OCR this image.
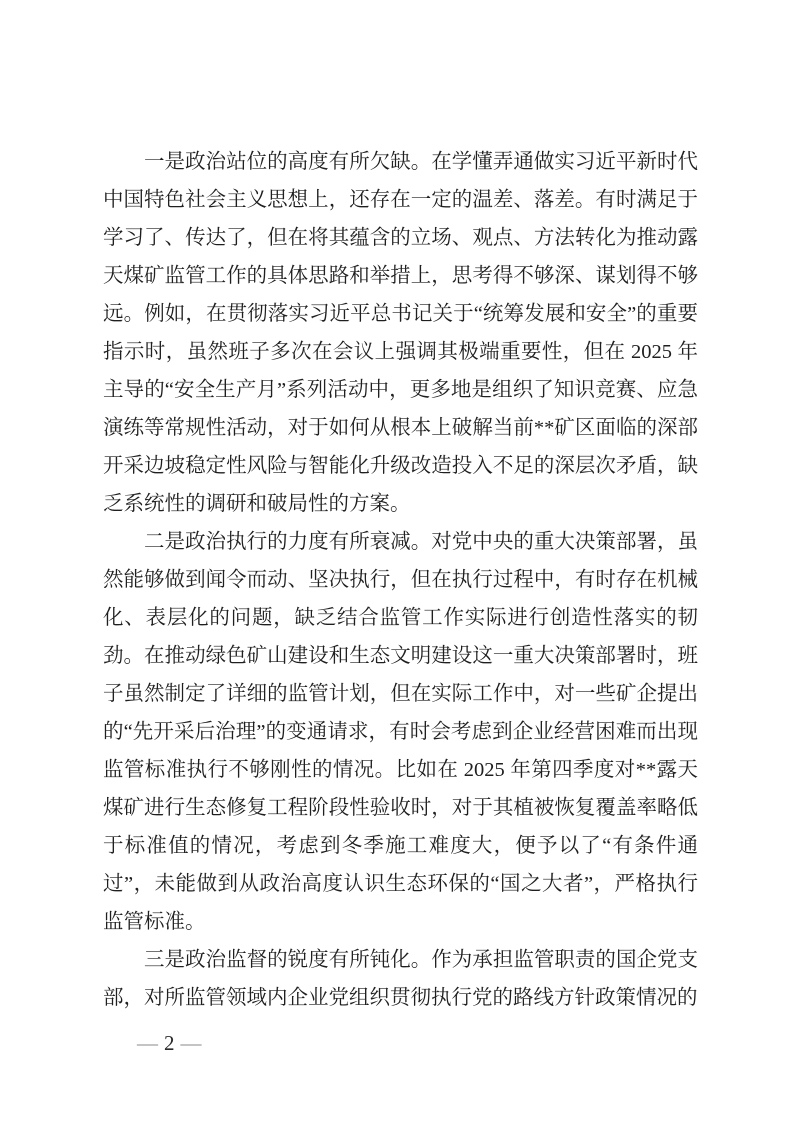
一是政治站位的高度有所欠缺。在学懂弄通做实习近平新时代中国特色社会主义思想上，还存在一定的温差、落差。有时满足于学习了、传达了，但在将其蕴含的立场、观点、方法转化为推动露天煤矿监管工作的具体思路和举措上，思考得不够深、谋划得不够远。例如，在贯彻落实习近平总书记关于“统筹发展和安全”的重要指示时，虽然班子多次在会议上强调其极端重要性，但在 2025 年主导的“安全生产月”系列活动中，更多地是组织了知识竞赛、应急演练等常规性活动，对于如何从根本上破解当前**矿区面临的深部开采边坡稳定性风险与智能化升级改造投入不足的深层次矛盾，缺乏系统性的调研和破局性的方案。

二是政治执行的力度有所衰减。对党中央的重大决策部署，虽然能够做到闻令而动、坚决执行，但在执行过程中，有时存在机械化、表层化的问题，缺乏结合监管工作实际进行创造性落实的韧劲。在推动绿色矿山建设和生态文明建设这一重大决策部署时，班子虽然制定了详细的监管计划，但在实际工作中，对一些矿企提出的“先开采后治理”的变通请求，有时会考虑到企业经营困难而出现监管标准执行不够刚性的情况。比如在 2025 年第四季度对**露天煤矿进行生态修复工程阶段性验收时，对于其植被恢复覆盖率略低于标准值的情况，考虑到冬季施工难度大，便予以了“有条件通过”，未能做到从政治高度认识生态环保的“国之大者”，严格执行监管标准。

三是政治监督的锐度有所钝化。作为承担监管职责的国企党支部，对所监管领域内企业党组织贯彻执行党的路线方针政策情况的

— 2 —
